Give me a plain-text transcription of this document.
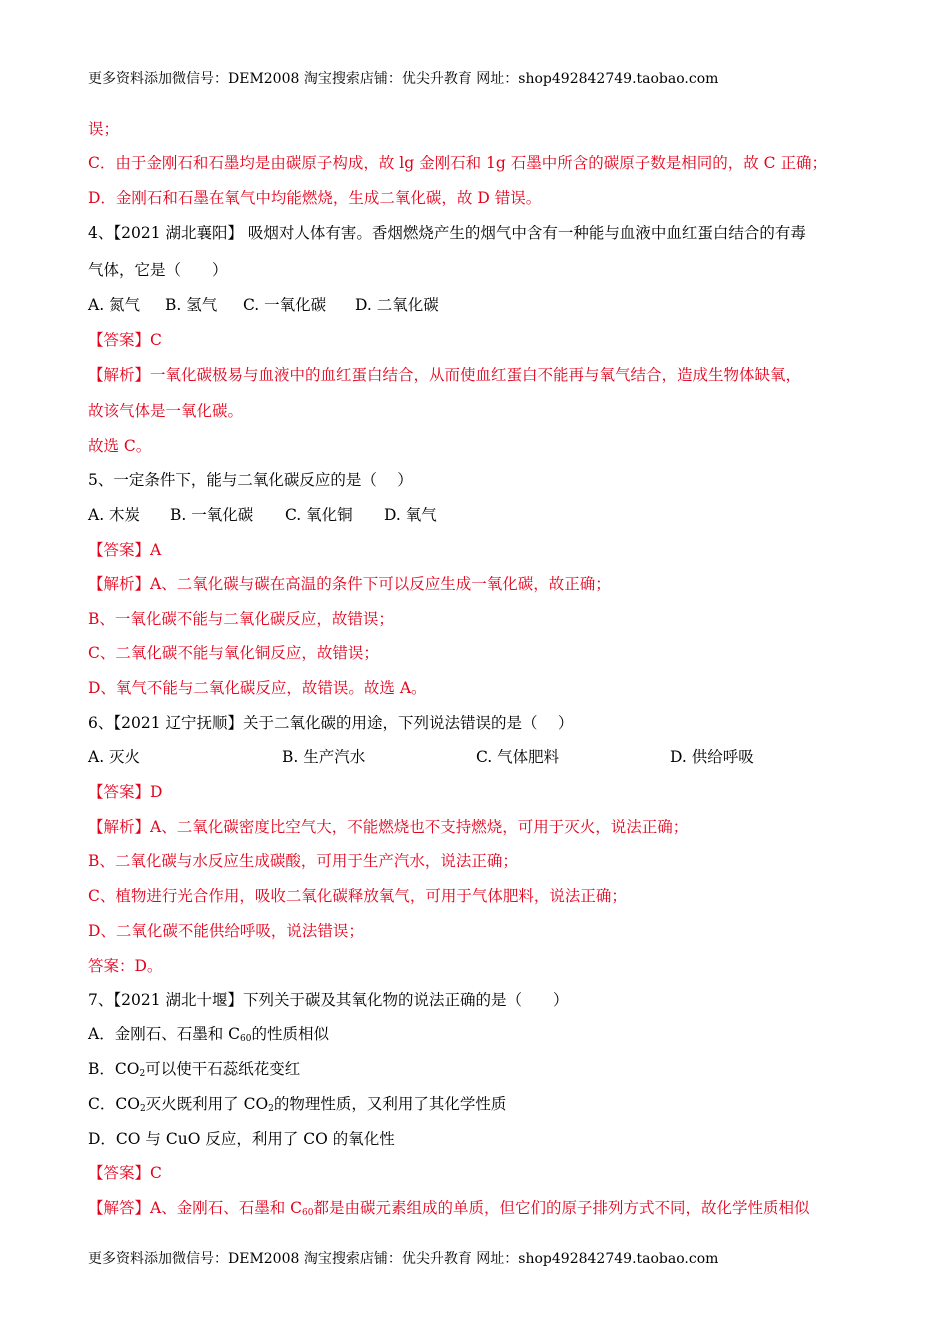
更多资料添加微信号：DEM2008 淘宝搜索店铺：优尖升教育 网址：shop492842749.taobao.com
误；
C．由于金刚石和石墨均是由碳原子构成，故 lg 金刚石和 1g 石墨中所含的碳原子数是相同的，故 C 正确；
D．金刚石和石墨在氧气中均能燃烧，生成二氧化碳，故 D 错误。
4、【2021 湖北襄阳】 吸烟对人体有害。香烟燃烧产生的烟气中含有一种能与血液中血红蛋白结合的有毒
气体，它是（　　）
A. 氮气 B. 氢气 C. 一氧化碳 D. 二氧化碳
【答案】C
【解析】一氧化碳极易与血液中的血红蛋白结合，从而使血红蛋白不能再与氧气结合，造成生物体缺氧，
故该气体是一氧化碳。
故选 C。
5、一定条件下，能与二氧化碳反应的是（　 ）
A. 木炭 B. 一氧化碳 C. 氧化铜 D. 氧气
【答案】A
【解析】A、二氧化碳与碳在高温的条件下可以反应生成一氧化碳，故正确；
B、一氧化碳不能与二氧化碳反应，故错误；
C、二氧化碳不能与氧化铜反应，故错误；
D、氧气不能与二氧化碳反应，故错误。故选 A。
6、【2021 辽宁抚顺】关于二氧化碳的用途，下列说法错误的是（　 ）
A. 灭火	B. 生产汽水	C. 气体肥料	D. 供给呼吸
【答案】D
【解析】A、二氧化碳密度比空气大，不能燃烧也不支持燃烧，可用于灭火，说法正确；
B、二氧化碳与水反应生成碳酸，可用于生产汽水，说法正确；
C、植物进行光合作用，吸收二氧化碳释放氧气，可用于气体肥料，说法正确；
D、二氧化碳不能供给呼吸，说法错误；
答案：D。
7、【2021 湖北十堰】下列关于碳及其氧化物的说法正确的是（　　）
A．金刚石、石墨和 $C_{60}$的性质相似
B．$CO_2$可以使干石蕊纸花变红
C．$CO_2$灭火既利用了 $CO_2$的物理性质，又利用了其化学性质
D．CO 与 CuO 反应，利用了 CO 的氧化性
【答案】C
【解答】A、金刚石、石墨和 $C_{60}$都是由碳元素组成的单质，但它们的原子排列方式不同，故化学性质相似
更多资料添加微信号：DEM2008 淘宝搜索店铺：优尖升教育 网址：shop492842749.taobao.com
